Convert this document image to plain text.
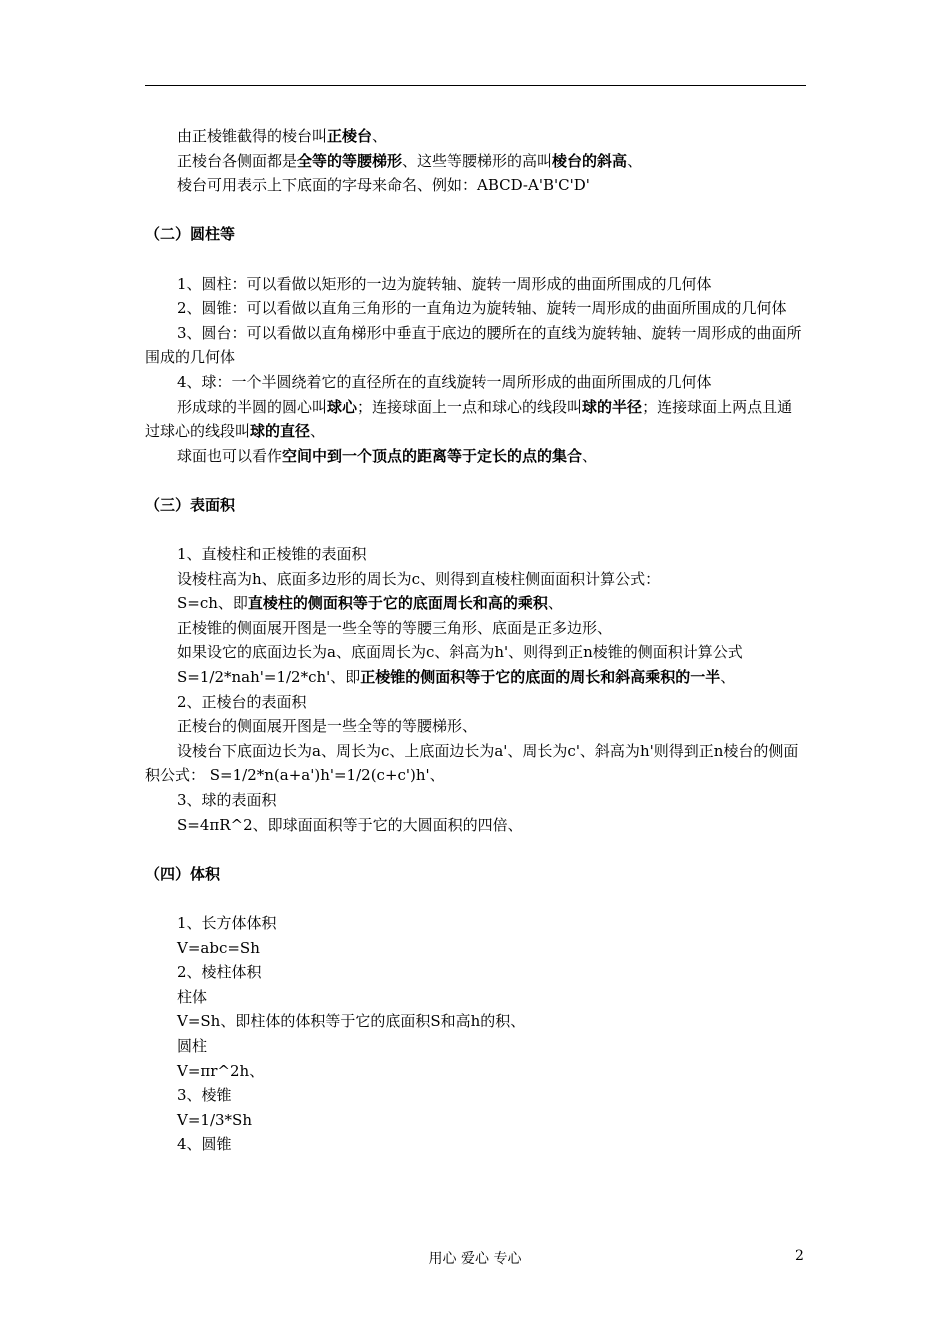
由正棱锥截得的棱台叫正棱台、

正棱台各侧面都是全等的等腰梯形、这些等腰梯形的高叫棱台的斜高、

棱台可用表示上下底面的字母来命名、例如：ABCD-A'B'C'D'

（二）圆柱等

1、圆柱：可以看做以矩形的一边为旋转轴、旋转一周形成的曲面所围成的几何体

2、圆锥：可以看做以直角三角形的一直角边为旋转轴、旋转一周形成的曲面所围成的几何体

3、圆台：可以看做以直角梯形中垂直于底边的腰所在的直线为旋转轴、旋转一周形成的曲面所围成的几何体

4、球：一个半圆绕着它的直径所在的直线旋转一周所形成的曲面所围成的几何体

形成球的半圆的圆心叫球心；连接球面上一点和球心的线段叫球的半径；连接球面上两点且通过球心的线段叫球的直径、

球面也可以看作空间中到一个顶点的距离等于定长的点的集合、

（三）表面积

1、直棱柱和正棱锥的表面积

设棱柱高为h、底面多边形的周长为c、则得到直棱柱侧面面积计算公式：

S=ch、即直棱柱的侧面积等于它的底面周长和高的乘积、

正棱锥的侧面展开图是一些全等的等腰三角形、底面是正多边形、

如果设它的底面边长为a、底面周长为c、斜高为h'、则得到正n棱锥的侧面积计算公式

S=1/2*nah'=1/2*ch'、即正棱锥的侧面积等于它的底面的周长和斜高乘积的一半、

2、正棱台的表面积

正棱台的侧面展开图是一些全等的等腰梯形、

设棱台下底面边长为a、周长为c、上底面边长为a'、周长为c'、斜高为h'则得到正n棱台的侧面积公式： S=1/2*n(a+a')h'=1/2(c+c')h'、

3、球的表面积

S=4πR^2、即球面面积等于它的大圆面积的四倍、

（四）体积

1、长方体体积

V=abc=Sh

2、棱柱体积

柱体

V=Sh、即柱体的体积等于它的底面积S和高h的积、

圆柱

V=πr^2h、

3、棱锥

V=1/3*Sh

4、圆锥

用心 爱心 专心	2
